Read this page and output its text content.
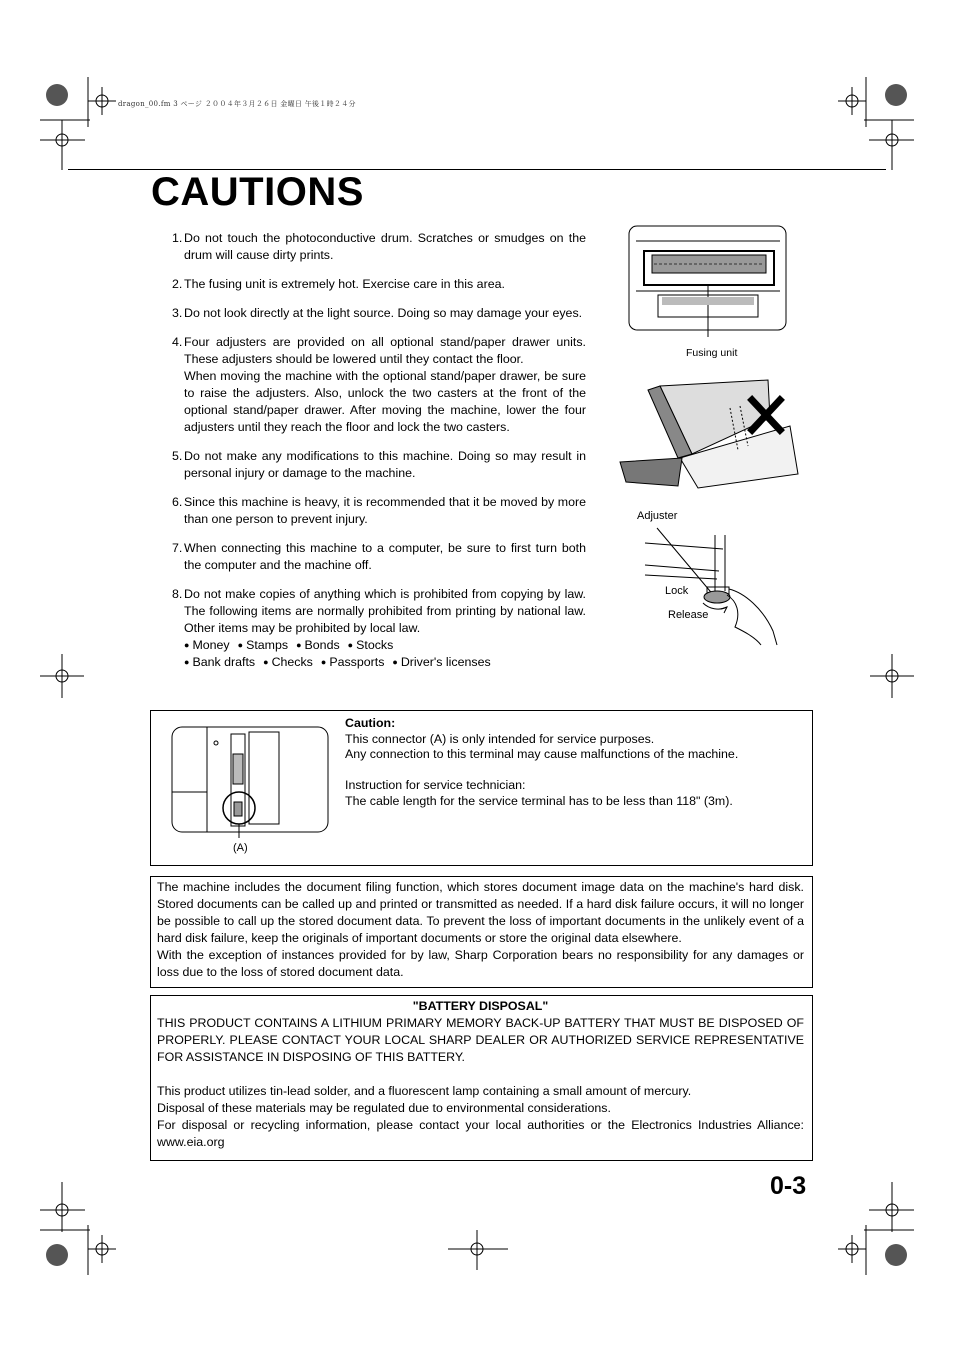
dragon_00.fm 3 ページ ２００４年３月２６日 金曜日 午後１時２４分
CAUTIONS
1. Do not touch the photoconductive drum. Scratches or smudges on the drum will cause dirty prints.

2. The fusing unit is extremely hot. Exercise care in this area.

3. Do not look directly at the light source. Doing so may damage your eyes.

4. Four adjusters are provided on all optional stand/paper drawer units. These adjusters should be lowered until they contact the floor.

When moving the machine with the optional stand/paper drawer, be sure to raise the adjusters. Also, unlock the two casters at the front of the optional stand/paper drawer. After moving the machine, lower the four adjusters until they reach the floor and lock the two casters.

5. Do not make any modifications to this machine. Doing so may result in personal injury or damage to the machine.

6. Since this machine is heavy, it is recommended that it be moved by more than one person to prevent injury.

7. When connecting this machine to a computer, be sure to first turn both the computer and the machine off.

8. Do not make copies of anything which is prohibited from copying by law. The following items are normally prohibited from printing by national law. Other items may be prohibited by local law.

● Money ● Stamps ● Bonds ● Stocks

● Bank drafts ● Checks ● Passports ● Driver's licenses

Fusing unit
Adjuster
Lock
Release
(A)

Caution:

This connector (A) is only intended for service purposes.

Any connection to this terminal may cause malfunctions of the machine.

Instruction for service technician:

The cable length for the service terminal has to be less than 118" (3m).

The machine includes the document filing function, which stores document image data on the machine's hard disk. Stored documents can be called up and printed or transmitted as needed. If a hard disk failure occurs, it will no longer be possible to call up the stored document data. To prevent the loss of important documents in the unlikely event of a hard disk failure, keep the originals of important documents or store the original data elsewhere.

With the exception of instances provided for by law, Sharp Corporation bears no responsibility for any damages or loss due to the loss of stored document data.

"BATTERY DISPOSAL"

THIS PRODUCT CONTAINS A LITHIUM PRIMARY MEMORY BACK-UP BATTERY THAT MUST BE DISPOSED OF PROPERLY. PLEASE CONTACT YOUR LOCAL SHARP DEALER OR AUTHORIZED SERVICE REPRESENTATIVE FOR ASSISTANCE IN DISPOSING OF THIS BATTERY.

This product utilizes tin-lead solder, and a fluorescent lamp containing a small amount of mercury.

Disposal of these materials may be regulated due to environmental considerations.

For disposal or recycling information, please contact your local authorities or the Electronics Industries Alliance: www.eia.org

0-3
